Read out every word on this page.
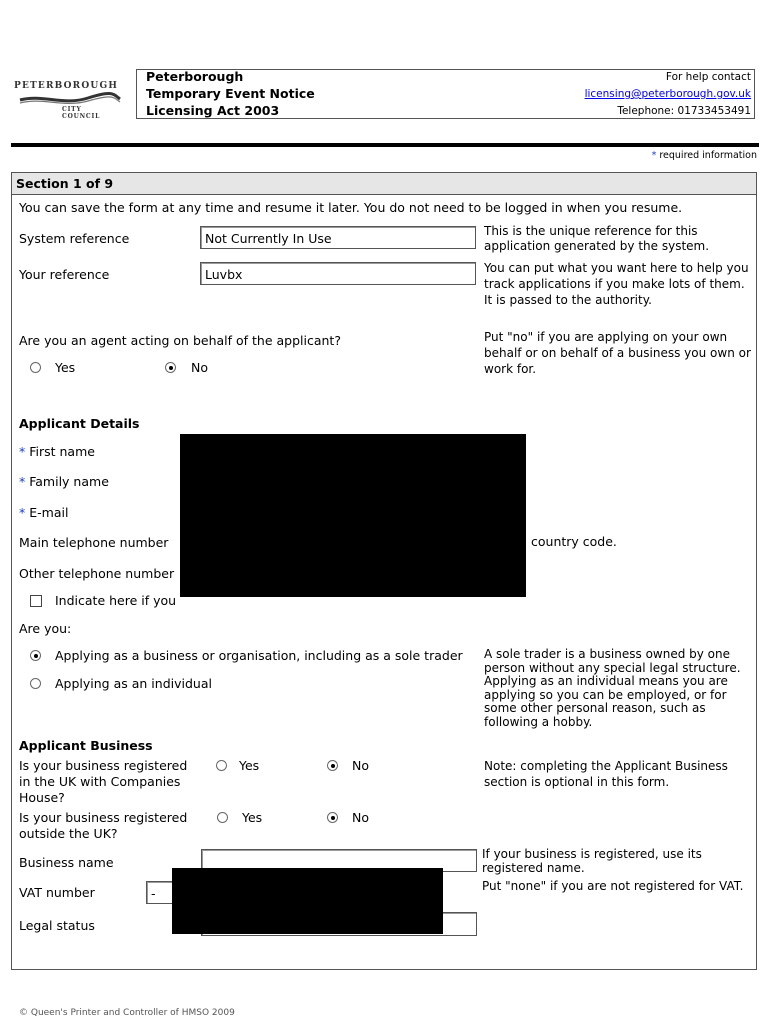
PETERBOROUGH
CITY COUNCIL
Peterborough
Temporary Event Notice
Licensing Act 2003
For help contact
licensing@peterborough.gov.uk
Telephone: 01733453491
* required information
Section 1 of 9
You can save the form at any time and resume it later. You do not need to be logged in when you resume.
System reference	Not Currently In Use	This is the unique reference for this application generated by the system.
Your reference	Luvbx	You can put what you want here to help you track applications if you make lots of them. It is passed to the authority.
Are you an agent acting on behalf of the applicant?
Yes	No
Put "no" if you are applying on your own behalf or on behalf of a business you own or work for.
Applicant Details
* First name
* Family name
* E-mail
Main telephone number	country code.
Other telephone number
Indicate here if you
Are you:
Applying as a business or organisation, including as a sole trader
Applying as an individual
A sole trader is a business owned by one person without any special legal structure. Applying as an individual means you are applying so you can be employed, or for some other personal reason, such as following a hobby.
Applicant Business
Is your business registered in the UK with Companies House?
Yes	No	Note: completing the Applicant Business section is optional in this form.
Is your business registered outside the UK?
Yes	No
Business name
If your business is registered, use its registered name.
VAT number	-	Put "none" if you are not registered for VAT.
Legal status
© Queen's Printer and Controller of HMSO 2009
